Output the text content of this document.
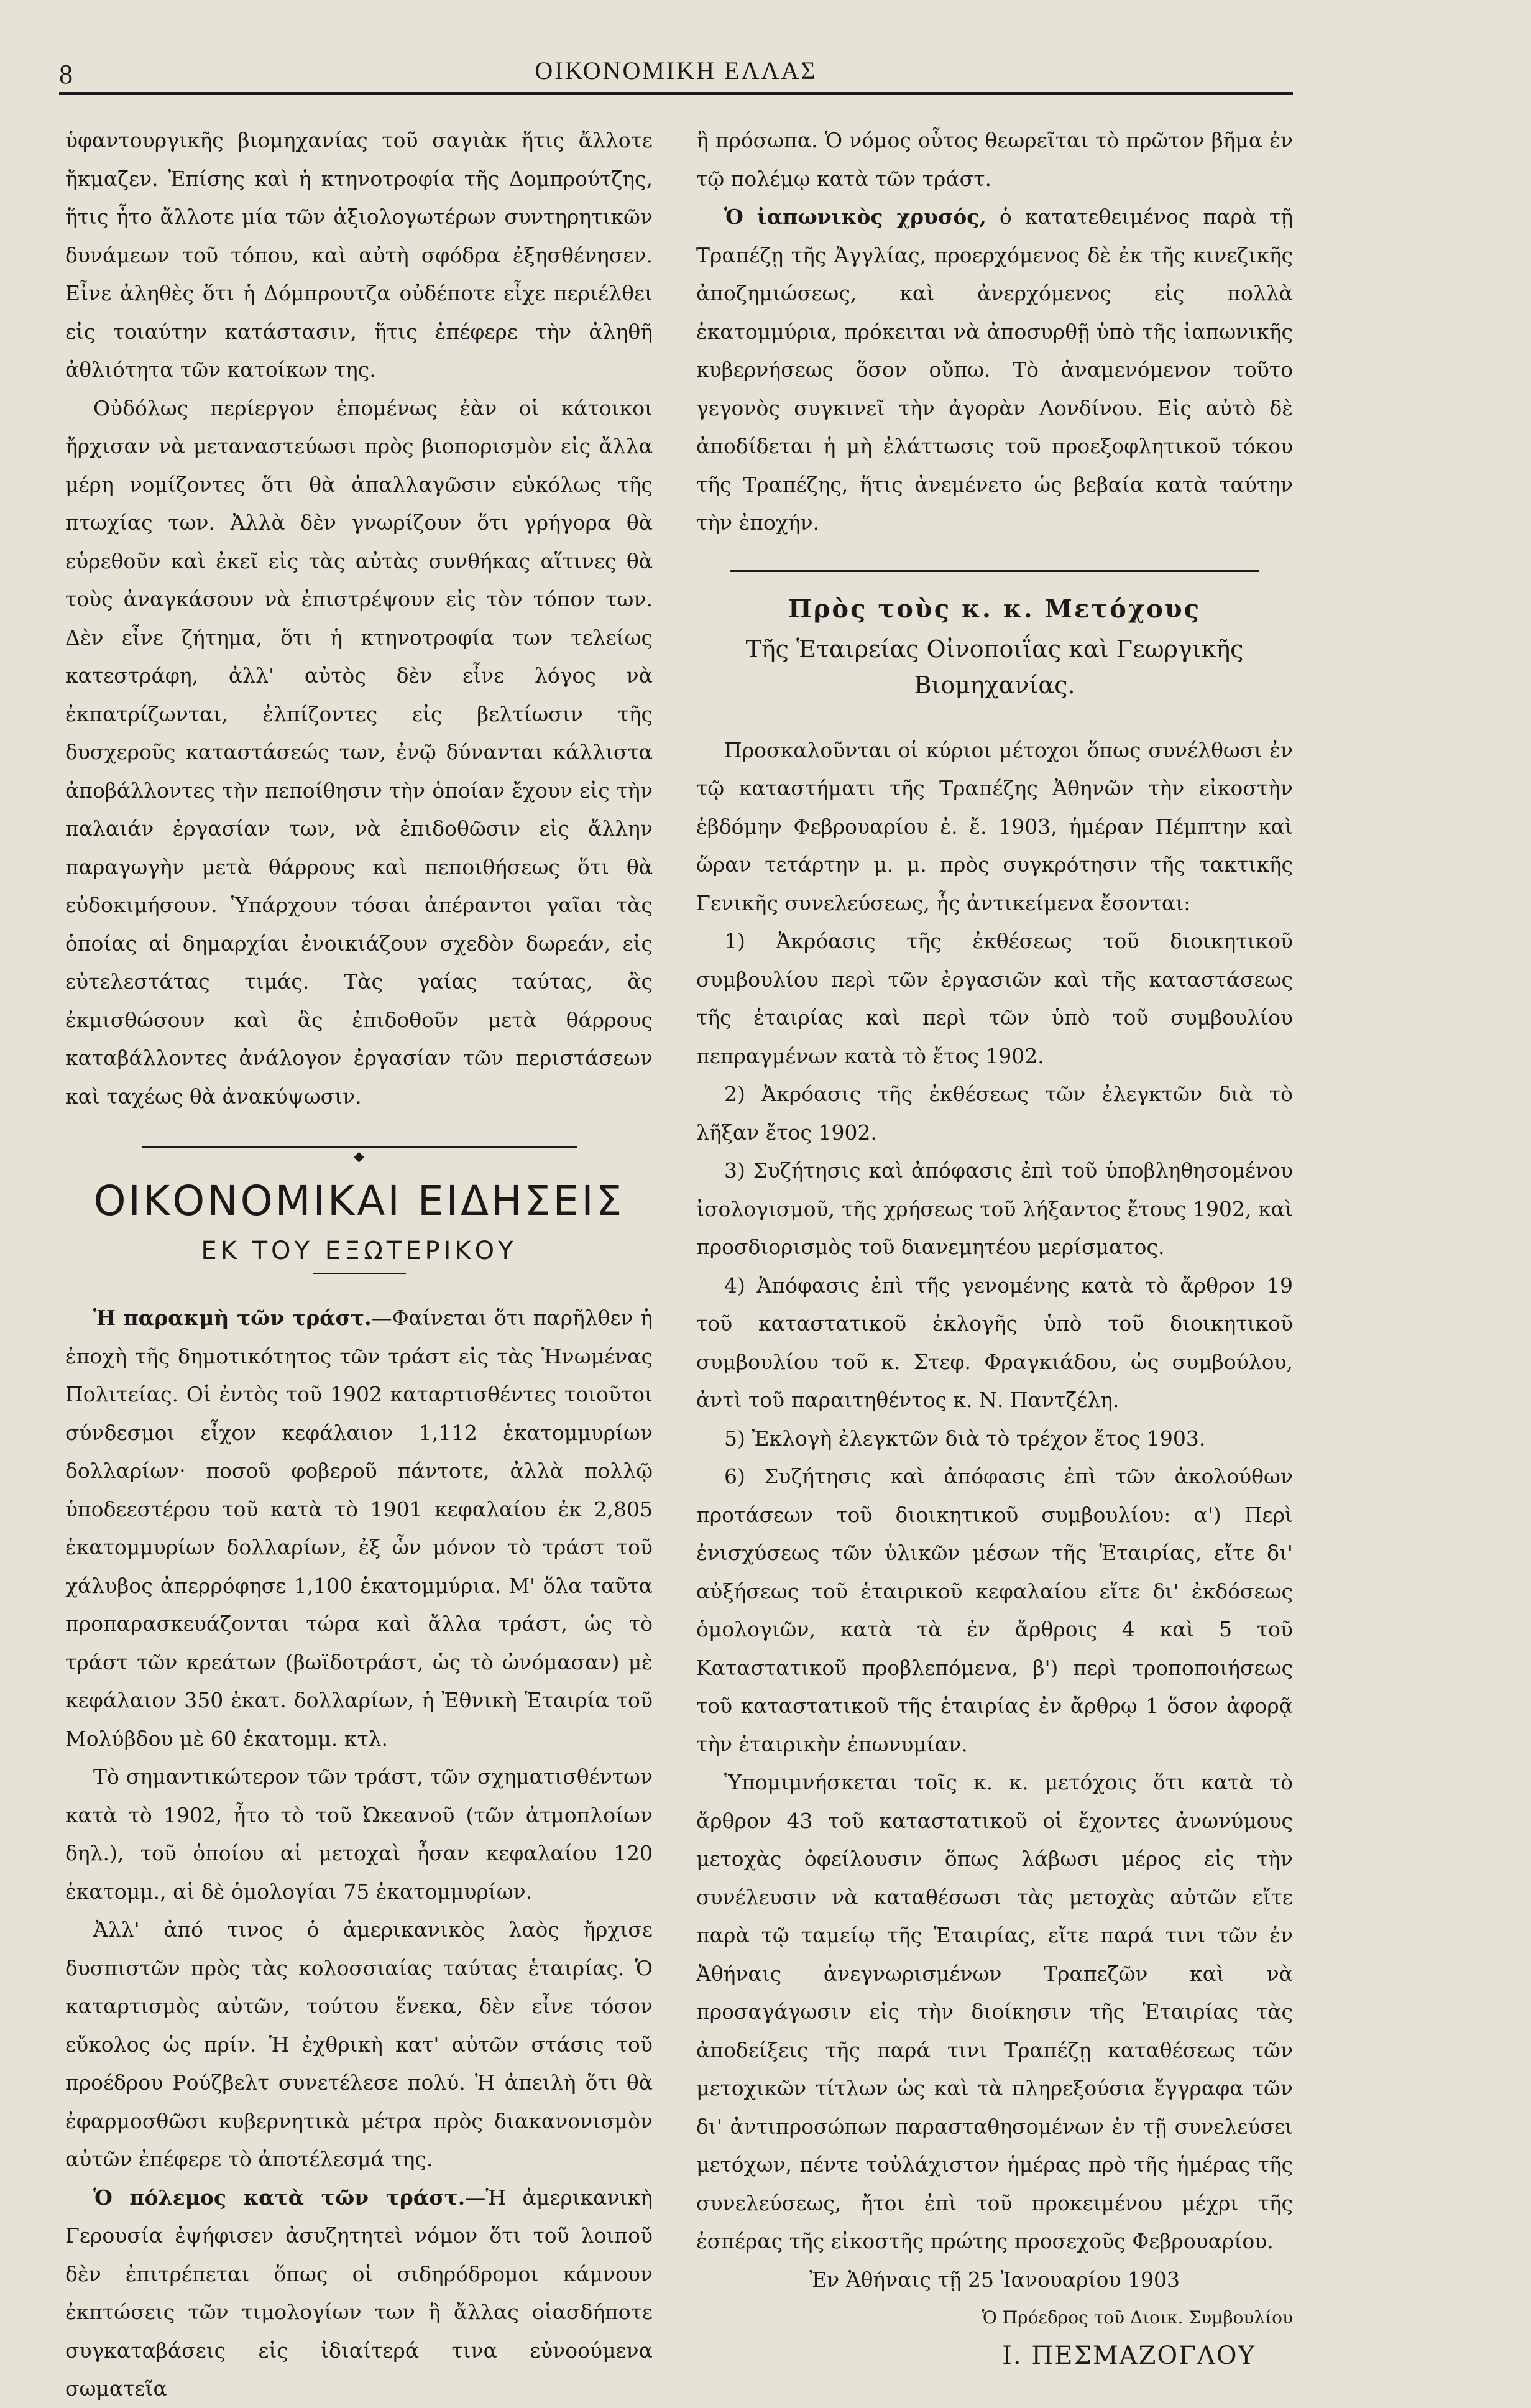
8	ΟΙΚΟΝΟΜΙΚΗ ΕΛΛΑΣ

ὑφαντουργικῆς βιομηχανίας τοῦ σαγιὰκ ἥτις ἄλλοτε ἤκμαζεν. Ἐπίσης καὶ ἡ κτηνοτροφία τῆς Δομπρούτζης, ἥτις ἦτο ἄλλοτε μία τῶν ἀξιολογωτέρων συντηρητικῶν δυνάμεων τοῦ τόπου, καὶ αὐτὴ σφόδρα ἐξησθένησεν. Εἶνε ἀληθὲς ὅτι ἡ Δόμπρουτζα οὐδέποτε εἶχε περιέλθει εἰς τοιαύτην κατάστασιν, ἥτις ἐπέφερε τὴν ἀληθῆ ἀθλιότητα τῶν κατοίκων της.

Οὐδόλως περίεργον ἑπομένως ἐὰν οἱ κάτοικοι ἤρχισαν νὰ μεταναστεύωσι πρὸς βιοπορισμὸν εἰς ἄλλα μέρη νομίζοντες ὅτι θὰ ἀπαλλαγῶσιν εὐκόλως τῆς πτωχίας των. Ἀλλὰ δὲν γνωρίζουν ὅτι γρήγορα θὰ εὑρεθοῦν καὶ ἐκεῖ εἰς τὰς αὐτὰς συνθήκας αἵτινες θὰ τοὺς ἀναγκάσουν νὰ ἐπιστρέψουν εἰς τὸν τόπον των. Δὲν εἶνε ζήτημα, ὅτι ἡ κτηνοτροφία των τελείως κατεστράφη, ἀλλ' αὐτὸς δὲν εἶνε λόγος νὰ ἐκπατρίζωνται, ἐλπίζοντες εἰς βελτίωσιν τῆς δυσχεροῦς καταστάσεώς των, ἐνῷ δύνανται κάλλιστα ἀποβάλλοντες τὴν πεποίθησιν τὴν ὁποίαν ἔχουν εἰς τὴν παλαιάν ἐργασίαν των, νὰ ἐπιδοθῶσιν εἰς ἄλλην παραγωγὴν μετὰ θάρρους καὶ πεποιθήσεως ὅτι θὰ εὐδοκιμήσουν. Ὑπάρχουν τόσαι ἀπέραντοι γαῖαι τὰς ὁποίας αἱ δημαρχίαι ἐνοικιάζουν σχεδὸν δωρεάν, εἰς εὐτελεστάτας τιμάς. Τὰς γαίας ταύτας, ἂς ἐκμισθώσουν καὶ ἂς ἐπιδοθοῦν μετὰ θάρρους καταβάλλοντες ἀνάλογον ἐργασίαν τῶν περιστάσεων καὶ ταχέως θὰ ἀνακύψωσιν.

◆

ΟΙΚΟΝΟΜΙΚΑΙ ΕΙΔΗΣΕΙΣ

ΕΚ ΤΟΥ ΕΞΩΤΕΡΙΚΟΥ

Ἡ παρακμὴ τῶν τράστ.—Φαίνεται ὅτι παρῆλθεν ἡ ἐποχὴ τῆς δημοτικότητος τῶν τράστ εἰς τὰς Ἡνωμένας Πολιτείας. Οἱ ἐντὸς τοῦ 1902 καταρτισθέντες τοιοῦτοι σύνδεσμοι εἶχον κεφάλαιον 1,112 ἑκατομμυρίων δολλαρίων· ποσοῦ φοβεροῦ πάντοτε, ἀλλὰ πολλῷ ὑποδεεστέρου τοῦ κατὰ τὸ 1901 κεφαλαίου ἐκ 2,805 ἑκατομμυρίων δολλαρίων, ἐξ ὧν μόνον τὸ τράστ τοῦ χάλυβος ἀπερρόφησε 1,100 ἑκατομμύρια. Μ' ὅλα ταῦτα προπαρασκευάζονται τώρα καὶ ἄλλα τράστ, ὡς τὸ τράστ τῶν κρεάτων (βωϊδοτράστ, ὡς τὸ ὠνόμασαν) μὲ κεφάλαιον 350 ἑκατ. δολλαρίων, ἡ Ἐθνικὴ Ἑταιρία τοῦ Μολύβδου μὲ 60 ἑκατομμ. κτλ.

Τὸ σημαντικώτερον τῶν τράστ, τῶν σχηματισθέντων κατὰ τὸ 1902, ἦτο τὸ τοῦ Ὠκεανοῦ (τῶν ἀτμοπλοίων δηλ.), τοῦ ὁποίου αἱ μετοχαὶ ἦσαν κεφαλαίου 120 ἑκατομμ., αἱ δὲ ὁμολογίαι 75 ἑκατομμυρίων.

Ἀλλ' ἀπό τινος ὁ ἀμερικανικὸς λαὸς ἤρχισε δυσπιστῶν πρὸς τὰς κολοσσιαίας ταύτας ἑταιρίας. Ὁ καταρτισμὸς αὐτῶν, τούτου ἕνεκα, δὲν εἶνε τόσον εὔκολος ὡς πρίν. Ἡ ἐχθρικὴ κατ' αὐτῶν στάσις τοῦ προέδρου Ρούζβελτ συνετέλεσε πολύ. Ἡ ἀπειλὴ ὅτι θὰ ἐφαρμοσθῶσι κυβερνητικὰ μέτρα πρὸς διακανονισμὸν αὐτῶν ἐπέφερε τὸ ἀποτέλεσμά της.

Ὁ πόλεμος κατὰ τῶν τράστ.—Ἡ ἀμερικανικὴ Γερουσία ἐψήφισεν ἀσυζητητεὶ νόμον ὅτι τοῦ λοιποῦ δὲν ἐπιτρέπεται ὅπως οἱ σιδηρόδρομοι κάμνουν ἐκπτώσεις τῶν τιμολογίων των ἢ ἄλλας οἱασδήποτε συγκαταβάσεις εἰς ἰδιαίτερά τινα εὐνοούμενα σωματεῖα

ἢ πρόσωπα. Ὁ νόμος οὗτος θεωρεῖται τὸ πρῶτον βῆμα ἐν τῷ πολέμῳ κατὰ τῶν τράστ.

Ὁ ἰαπωνικὸς χρυσός, ὁ κατατεθειμένος παρὰ τῇ Τραπέζῃ τῆς Ἀγγλίας, προερχόμενος δὲ ἐκ τῆς κινεζικῆς ἀποζημιώσεως, καὶ ἀνερχόμενος εἰς πολλὰ ἑκατομμύρια, πρόκειται νὰ ἀποσυρθῇ ὑπὸ τῆς ἰαπωνικῆς κυβερνήσεως ὅσον οὔπω. Τὸ ἀναμενόμενον τοῦτο γεγονὸς συγκινεῖ τὴν ἀγορὰν Λονδίνου. Εἰς αὐτὸ δὲ ἀποδίδεται ἡ μὴ ἐλάττωσις τοῦ προεξοφλητικοῦ τόκου τῆς Τραπέζης, ἥτις ἀνεμένετο ὡς βεβαία κατὰ ταύτην τὴν ἐποχήν.

Πρὸς τοὺς κ. κ. Μετόχους

Τῆς Ἑταιρείας Οἰνοποιΐας καὶ Γεωργικῆς Βιομηχανίας.

Προσκαλοῦνται οἱ κύριοι μέτοχοι ὅπως συνέλθωσι ἐν τῷ καταστήματι τῆς Τραπέζης Ἀθηνῶν τὴν εἰκοστὴν ἑβδόμην Φεβρουαρίου ἐ. ἔ. 1903, ἡμέραν Πέμπτην καὶ ὥραν τετάρτην μ. μ. πρὸς συγκρότησιν τῆς τακτικῆς Γενικῆς συνελεύσεως, ἧς ἀντικείμενα ἔσονται:

1) Ἀκρόασις τῆς ἐκθέσεως τοῦ διοικητικοῦ συμβουλίου περὶ τῶν ἐργασιῶν καὶ τῆς καταστάσεως τῆς ἑταιρίας καὶ περὶ τῶν ὑπὸ τοῦ συμβουλίου πεπραγμένων κατὰ τὸ ἔτος 1902.

2) Ἀκρόασις τῆς ἐκθέσεως τῶν ἐλεγκτῶν διὰ τὸ λῆξαν ἔτος 1902.

3) Συζήτησις καὶ ἀπόφασις ἐπὶ τοῦ ὑποβληθησομένου ἰσολογισμοῦ, τῆς χρήσεως τοῦ λήξαντος ἔτους 1902, καὶ προσδιορισμὸς τοῦ διανεμητέου μερίσματος.

4) Ἀπόφασις ἐπὶ τῆς γενομένης κατὰ τὸ ἄρθρον 19 τοῦ καταστατικοῦ ἐκλογῆς ὑπὸ τοῦ διοικητικοῦ συμβουλίου τοῦ κ. Στεφ. Φραγκιάδου, ὡς συμβούλου, ἀντὶ τοῦ παραιτηθέντος κ. Ν. Παντζέλη.

5) Ἐκλογὴ ἐλεγκτῶν διὰ τὸ τρέχον ἔτος 1903.

6) Συζήτησις καὶ ἀπόφασις ἐπὶ τῶν ἀκολούθων προτάσεων τοῦ διοικητικοῦ συμβουλίου: α') Περὶ ἐνισχύσεως τῶν ὑλικῶν μέσων τῆς Ἑταιρίας, εἴτε δι' αὐξήσεως τοῦ ἑταιρικοῦ κεφαλαίου εἴτε δι' ἐκδόσεως ὁμολογιῶν, κατὰ τὰ ἐν ἄρθροις 4 καὶ 5 τοῦ Καταστατικοῦ προβλεπόμενα, β') περὶ τροποποιήσεως τοῦ καταστατικοῦ τῆς ἑταιρίας ἐν ἄρθρῳ 1 ὅσον ἀφορᾷ τὴν ἑταιρικὴν ἐπωνυμίαν.

Ὑπομιμνήσκεται τοῖς κ. κ. μετόχοις ὅτι κατὰ τὸ ἄρθρον 43 τοῦ καταστατικοῦ οἱ ἔχοντες ἀνωνύμους μετοχὰς ὀφείλουσιν ὅπως λάβωσι μέρος εἰς τὴν συνέλευσιν νὰ καταθέσωσι τὰς μετοχὰς αὐτῶν εἴτε παρὰ τῷ ταμείῳ τῆς Ἑταιρίας, εἴτε παρά τινι τῶν ἐν Ἀθήναις ἀνεγνωρισμένων Τραπεζῶν καὶ νὰ προσαγάγωσιν εἰς τὴν διοίκησιν τῆς Ἑταιρίας τὰς ἀποδείξεις τῆς παρά τινι Τραπέζῃ καταθέσεως τῶν μετοχικῶν τίτλων ὡς καὶ τὰ πληρεξούσια ἔγγραφα τῶν δι' ἀντιπροσώπων παρασταθησομένων ἐν τῇ συνελεύσει μετόχων, πέντε τοὐλάχιστον ἡμέρας πρὸ τῆς ἡμέρας τῆς συνελεύσεως, ἤτοι ἐπὶ τοῦ προκειμένου μέχρι τῆς ἑσπέρας τῆς εἰκοστῆς πρώτης προσεχοῦς Φεβρουαρίου.

Ἐν Ἀθήναις τῇ 25 Ἰανουαρίου 1903

Ὁ Πρόεδρος τοῦ Διοικ. Συμβουλίου

Ι. ΠΕΣΜΑΖΟΓΛΟΥ
